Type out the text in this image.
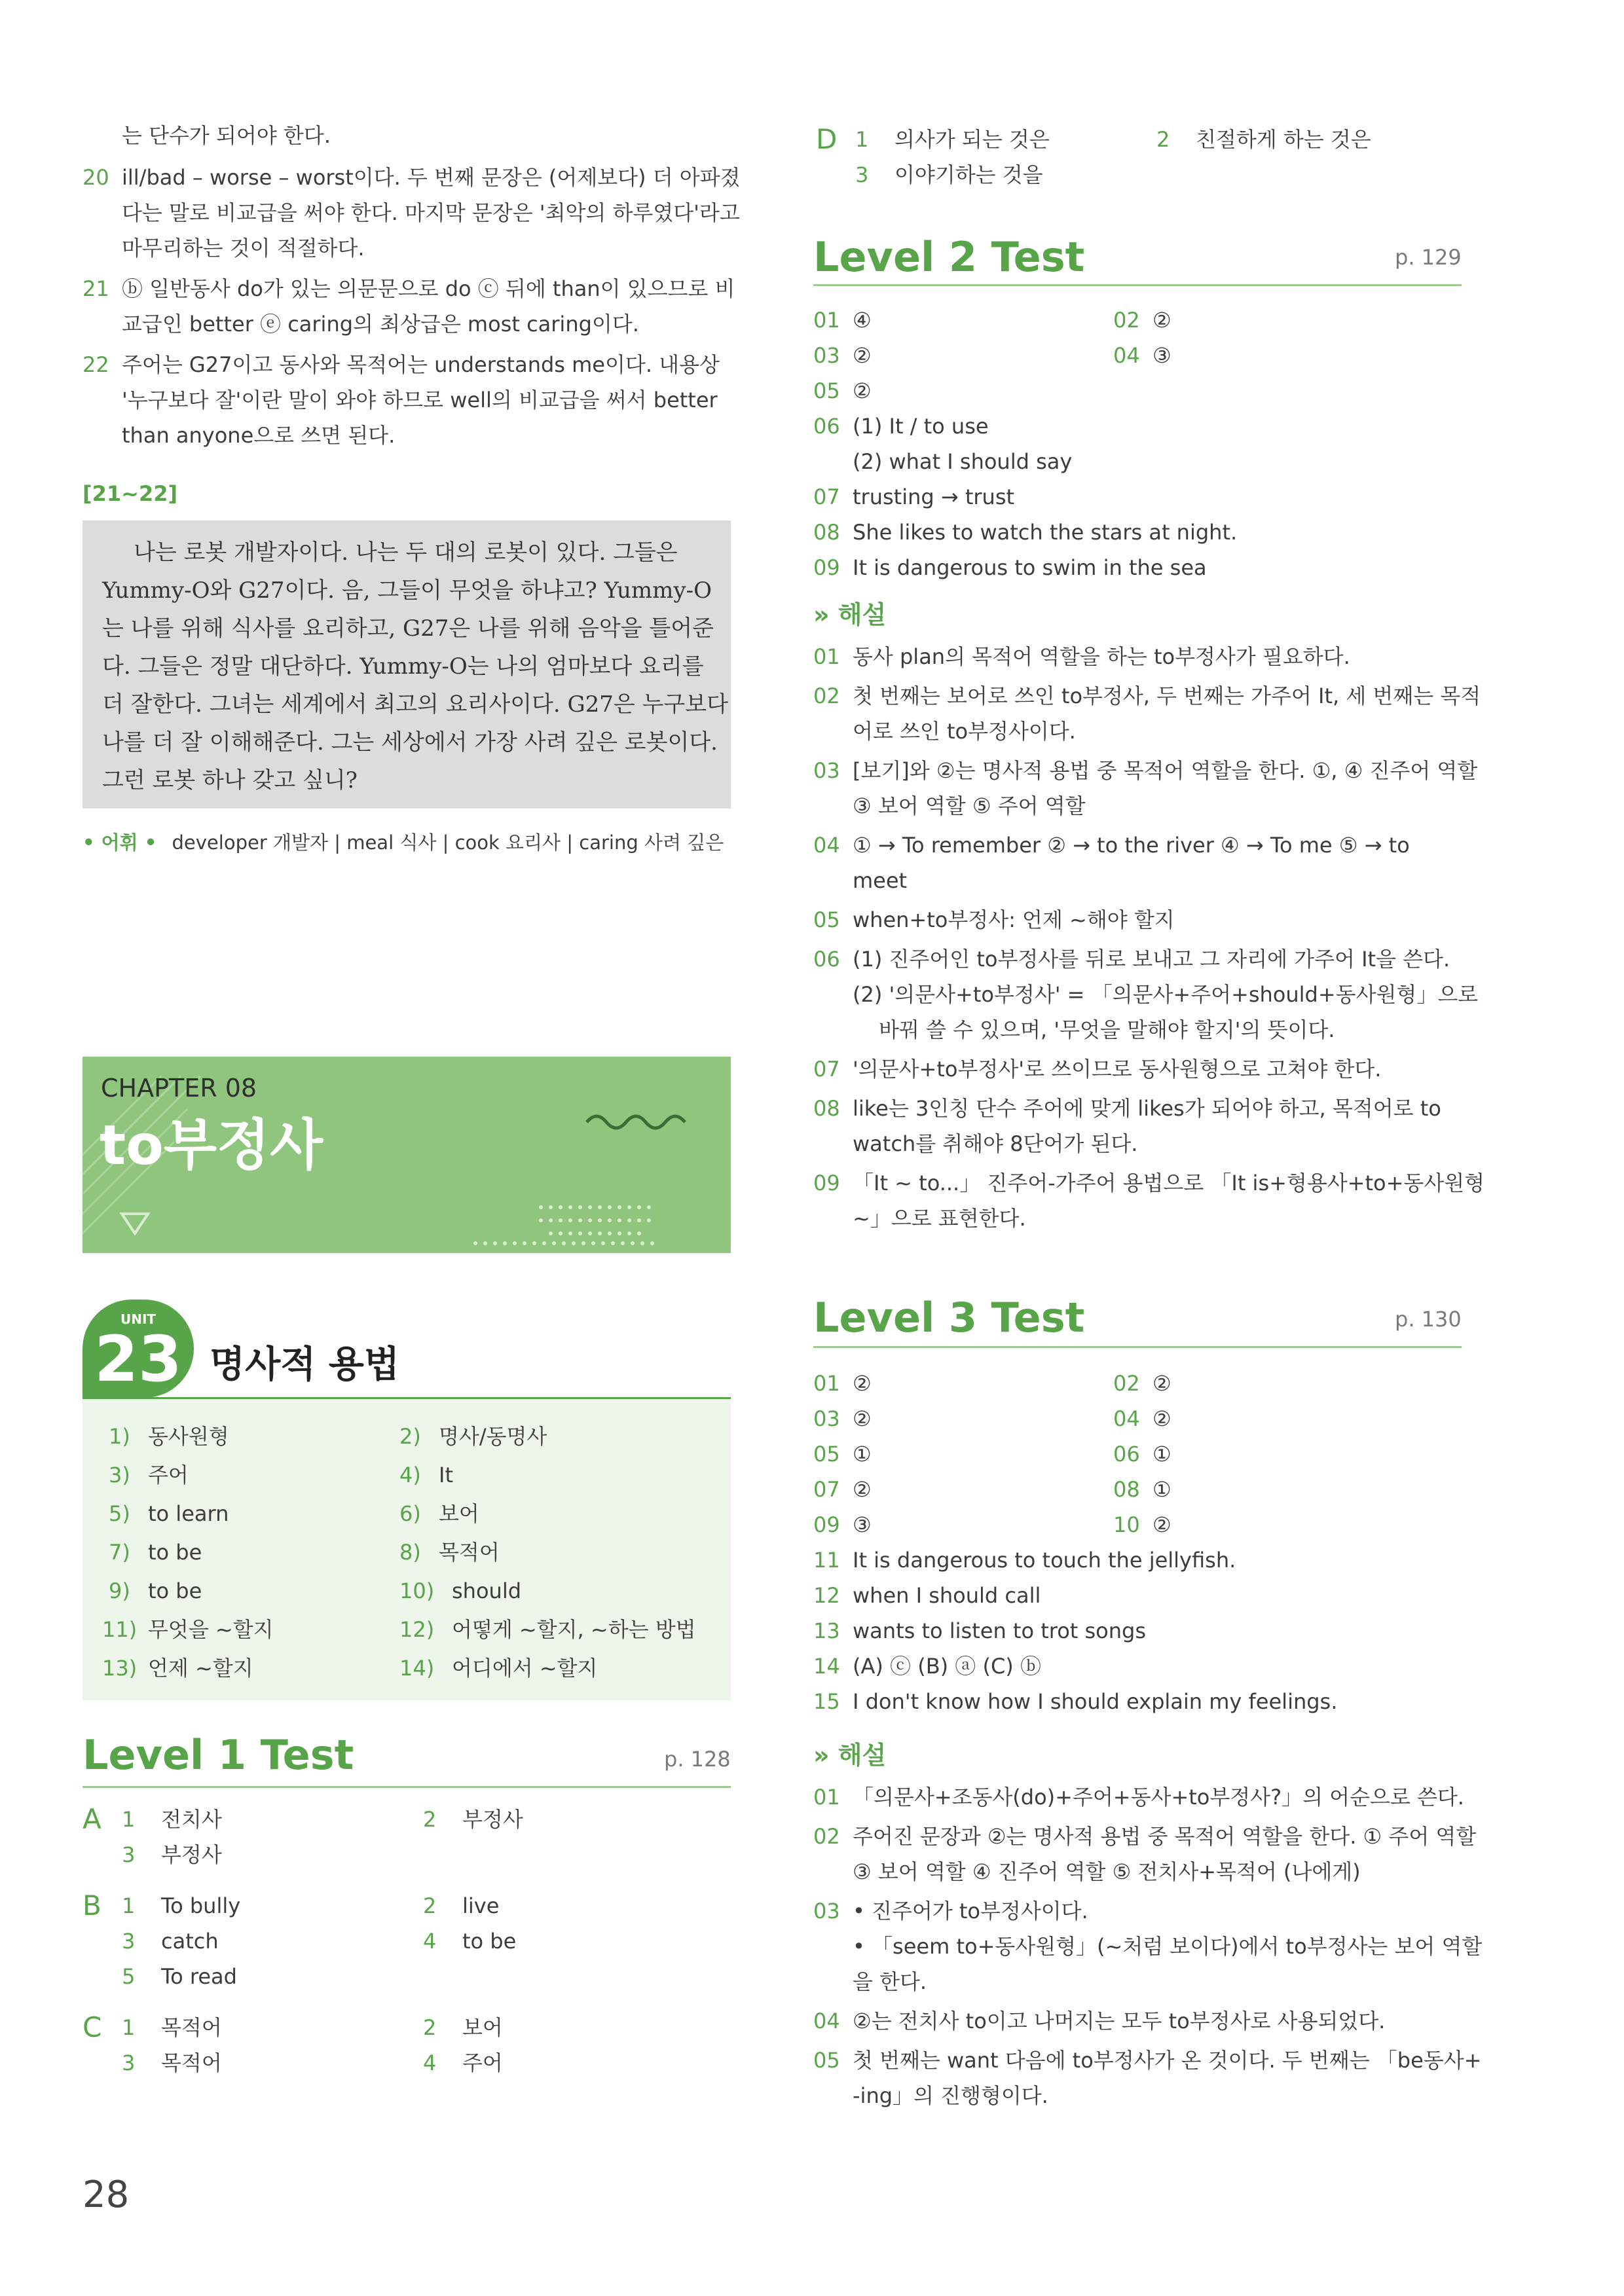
는 단수가 되어야 한다.
20 ill/bad – worse – worst이다. 두 번째 문장은 (어제보다) 더 아파졌
다는 말로 비교급을 써야 한다. 마지막 문장은 '최악의 하루였다'라고
마무리하는 것이 적절하다.
21 ⓑ 일반동사 do가 있는 의문문으로 do ⓒ 뒤에 than이 있으므로 비
교급인 better ⓔ caring의 최상급은 most caring이다.
22 주어는 G27이고 동사와 목적어는 understands me이다. 내용상
'누구보다 잘'이란 말이 와야 하므로 well의 비교급을 써서 better
than anyone으로 쓰면 된다.
[21~22]
나는 로봇 개발자이다. 나는 두 대의 로봇이 있다. 그들은
Yummy-O와 G27이다. 음, 그들이 무엇을 하냐고? Yummy-O
는 나를 위해 식사를 요리하고, G27은 나를 위해 음악을 틀어준
다. 그들은 정말 대단하다. Yummy-O는 나의 엄마보다 요리를
더 잘한다. 그녀는 세계에서 최고의 요리사이다. G27은 누구보다
나를 더 잘 이해해준다. 그는 세상에서 가장 사려 깊은 로봇이다.
그런 로봇 하나 갖고 싶니?
• 어휘 • developer 개발자 | meal 식사 | cook 요리사 | caring 사려 깊은
CHAPTER 08
to부정사
UNIT
23 명사적 용법
1) 동사원형	2) 명사/동명사
3) 주어	4) It
5) to learn	6) 보어
7) to be	8) 목적어
9) to be	10) should
11) 무엇을 ~할지	12) 어떻게 ~할지, ~하는 방법
13) 언제 ~할지	14) 어디에서 ~할지
Level 1 Test	p. 128
A 1 전치사	2 부정사
3 부정사
B 1 To bully	2 live
3 catch	4 to be
5 To read
C 1 목적어	2 보어
3 목적어	4 주어
28
D 1 의사가 되는 것은	2 친절하게 하는 것은
3 이야기하는 것을
Level 2 Test	p. 129
01 ④	02 ②
03 ②	04 ③
05 ②
06 (1) It / to use
(2) what I should say
07 trusting → trust
08 She likes to watch the stars at night.
09 It is dangerous to swim in the sea
» 해설
01 동사 plan의 목적어 역할을 하는 to부정사가 필요하다.
02 첫 번째는 보어로 쓰인 to부정사, 두 번째는 가주어 It, 세 번째는 목적
어로 쓰인 to부정사이다.
03 [보기]와 ②는 명사적 용법 중 목적어 역할을 한다. ①, ④ 진주어 역할
③ 보어 역할 ⑤ 주어 역할
04 ① → To remember ② → to the river ④ → To me ⑤ → to
meet
05 when+to부정사: 언제 ~해야 할지
06 (1) 진주어인 to부정사를 뒤로 보내고 그 자리에 가주어 It을 쓴다.
(2) '의문사+to부정사' = 「의문사+주어+should+동사원형」으로
바꿔 쓸 수 있으며, '무엇을 말해야 할지'의 뜻이다.
07 '의문사+to부정사'로 쓰이므로 동사원형으로 고쳐야 한다.
08 like는 3인칭 단수 주어에 맞게 likes가 되어야 하고, 목적어로 to
watch를 취해야 8단어가 된다.
09 「It ~ to...」 진주어-가주어 용법으로 「It is+형용사+to+동사원형
~」으로 표현한다.
Level 3 Test	p. 130
01 ②	02 ②
03 ②	04 ②
05 ①	06 ①
07 ②	08 ①
09 ③	10 ②
11 It is dangerous to touch the jellyfish.
12 when I should call
13 wants to listen to trot songs
14 (A) ⓒ (B) ⓐ (C) ⓑ
15 I don't know how I should explain my feelings.
» 해설
01 「의문사+조동사(do)+주어+동사+to부정사?」의 어순으로 쓴다.
02 주어진 문장과 ②는 명사적 용법 중 목적어 역할을 한다. ① 주어 역할
③ 보어 역할 ④ 진주어 역할 ⑤ 전치사+목적어 (나에게)
03 • 진주어가 to부정사이다.
• 「seem to+동사원형」(~처럼 보이다)에서 to부정사는 보어 역할
을 한다.
04 ②는 전치사 to이고 나머지는 모두 to부정사로 사용되었다.
05 첫 번째는 want 다음에 to부정사가 온 것이다. 두 번째는 「be동사+
-ing」의 진행형이다.
